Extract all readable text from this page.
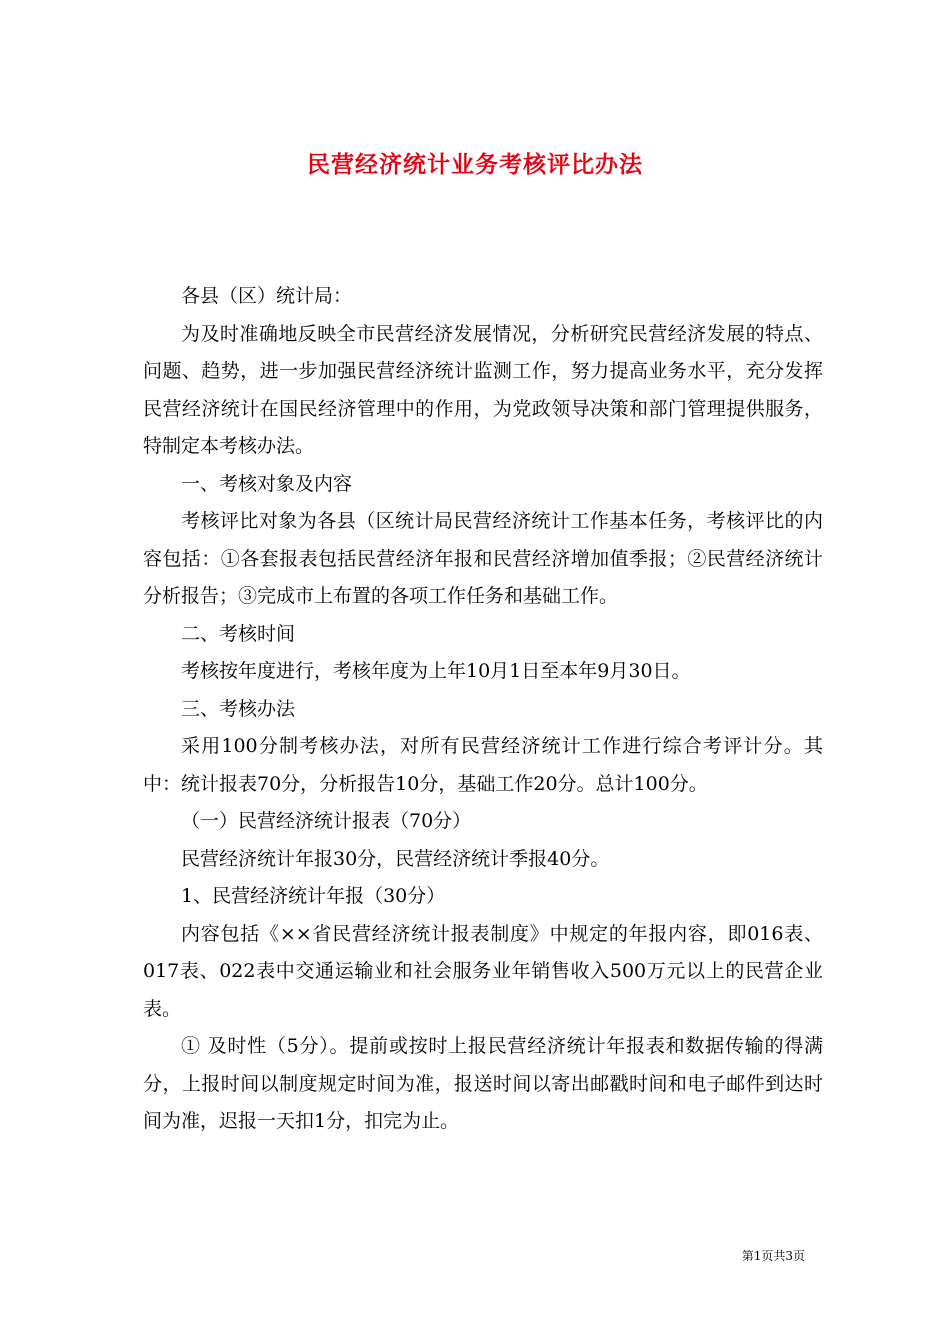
民营经济统计业务考核评比办法

各县（区）统计局：

为及时准确地反映全市民营经济发展情况，分析研究民营经济发展的特点、问题、趋势，进一步加强民营经济统计监测工作，努力提高业务水平，充分发挥民营经济统计在国民经济管理中的作用，为党政领导决策和部门管理提供服务，特制定本考核办法。

一、考核对象及内容

考核评比对象为各县（区统计局民营经济统计工作基本任务，考核评比的内容包括：①各套报表包括民营经济年报和民营经济增加值季报；②民营经济统计分析报告；③完成市上布置的各项工作任务和基础工作。

二、考核时间

考核按年度进行，考核年度为上年10月1日至本年9月30日。

三、考核办法

采用100分制考核办法，对所有民营经济统计工作进行综合考评计分。其中：统计报表70分，分析报告10分，基础工作20分。总计100分。

（一）民营经济统计报表（70分）

民营经济统计年报30分，民营经济统计季报40分。

1、民营经济统计年报（30分）

内容包括《××省民营经济统计报表制度》中规定的年报内容，即016表、017表、022表中交通运输业和社会服务业年销售收入500万元以上的民营企业表。

① 及时性（5分）。提前或按时上报民营经济统计年报表和数据传输的得满分，上报时间以制度规定时间为准，报送时间以寄出邮戳时间和电子邮件到达时间为准，迟报一天扣1分，扣完为止。

第1页共3页
